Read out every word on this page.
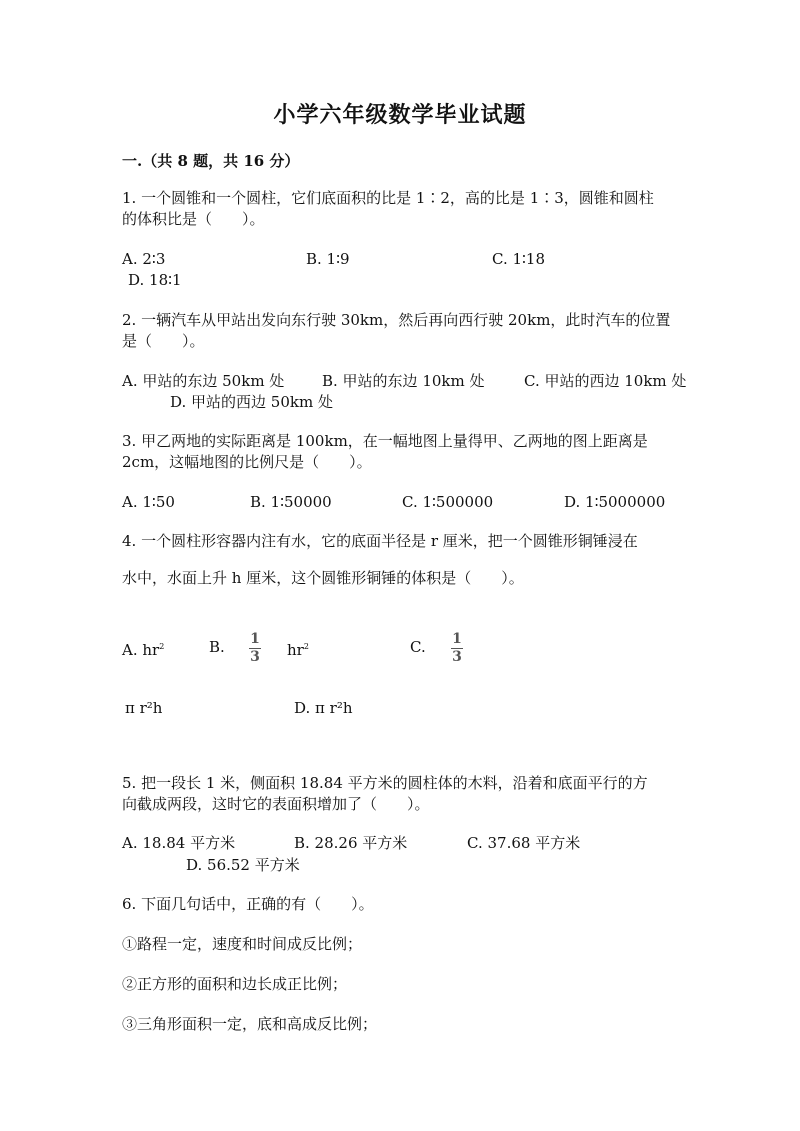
小学六年级数学毕业试题
一.（共 8 题，共 16 分）
1. 一个圆锥和一个圆柱，它们底面积的比是 1∶2，高的比是 1∶3，圆锥和圆柱
的体积比是（　　）。
A. 2∶3	B. 1∶9	C. 1∶18
D. 18∶1
2. 一辆汽车从甲站出发向东行驶 30km，然后再向西行驶 20km，此时汽车的位置
是（　　）。
A. 甲站的东边 50km 处	B. 甲站的东边 10km 处	C. 甲站的西边 10km 处
D. 甲站的西边 50km 处
3. 甲乙两地的实际距离是 100km，在一幅地图上量得甲、乙两地的图上距离是
2cm，这幅地图的比例尺是（　　）。
A. 1∶50	B. 1∶50000	C. 1∶500000	D. 1∶5000000
4. 一个圆柱形容器内注有水，它的底面半径是 r 厘米，把一个圆锥形铜锤浸在
水中，水面上升 h 厘米，这个圆锥形铜锤的体积是（　　）。
A. $hr^2$	B. 1
3 $hr^2$	C. 1
3
π r²h	D. π r²h
5. 把一段长 1 米，侧面积 18.84 平方米的圆柱体的木料，沿着和底面平行的方
向截成两段，这时它的表面积增加了（　　）。
A. 18.84 平方米	B. 28.26 平方米	C. 37.68 平方米
D. 56.52 平方米
6. 下面几句话中，正确的有（　　）。
①路程一定，速度和时间成反比例；
②正方形的面积和边长成正比例；
③三角形面积一定，底和高成反比例；
